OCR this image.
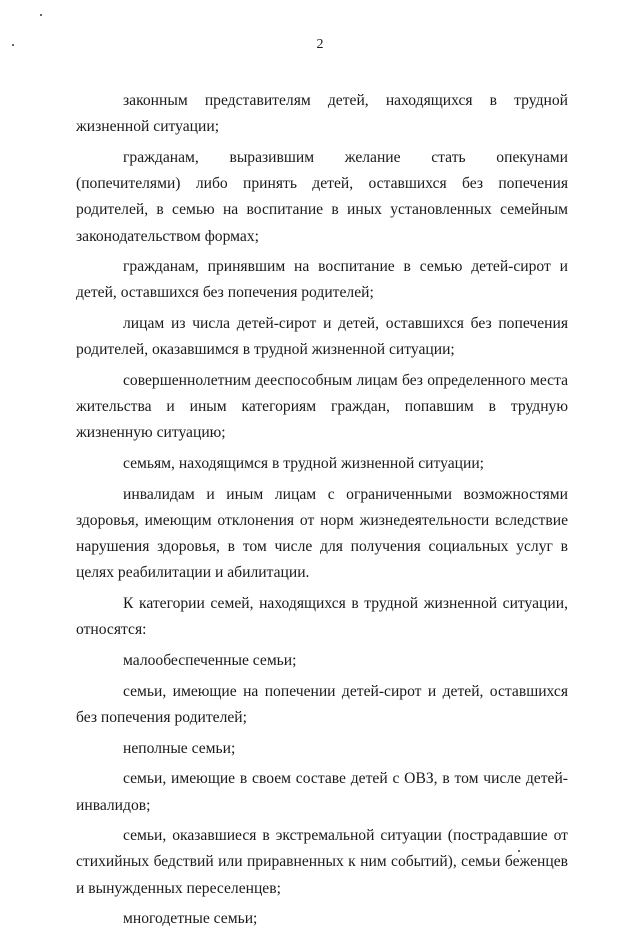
2

законным представителям детей, находящихся в трудной жизненной ситуации;

гражданам, выразившим желание стать опекунами (попечителями) либо принять детей, оставшихся без попечения родителей, в семью на воспитание в иных установленных семейным законодательством формах;

гражданам, принявшим на воспитание в семью детей-сирот и детей, оставшихся без попечения родителей;

лицам из числа детей-сирот и детей, оставшихся без попечения родителей, оказавшимся в трудной жизненной ситуации;

совершеннолетним дееспособным лицам без определенного места жительства и иным категориям граждан, попавшим в трудную жизненную ситуацию;

семьям, находящимся в трудной жизненной ситуации;

инвалидам и иным лицам с ограниченными возможностями здоровья, имеющим отклонения от норм жизнедеятельности вследствие нарушения здоровья, в том числе для получения социальных услуг в целях реабилитации и абилитации.

К категории семей, находящихся в трудной жизненной ситуации, относятся:

малообеспеченные семьи;

семьи, имеющие на попечении детей-сирот и детей, оставшихся без попечения родителей;

неполные семьи;

семьи, имеющие в своем составе детей с ОВЗ, в том числе детей-инвалидов;

семьи, оказавшиеся в экстремальной ситуации (пострадавшие от стихийных бедствий или приравненных к ним событий), семьи беженцев и вынужденных переселенцев;

многодетные семьи;
